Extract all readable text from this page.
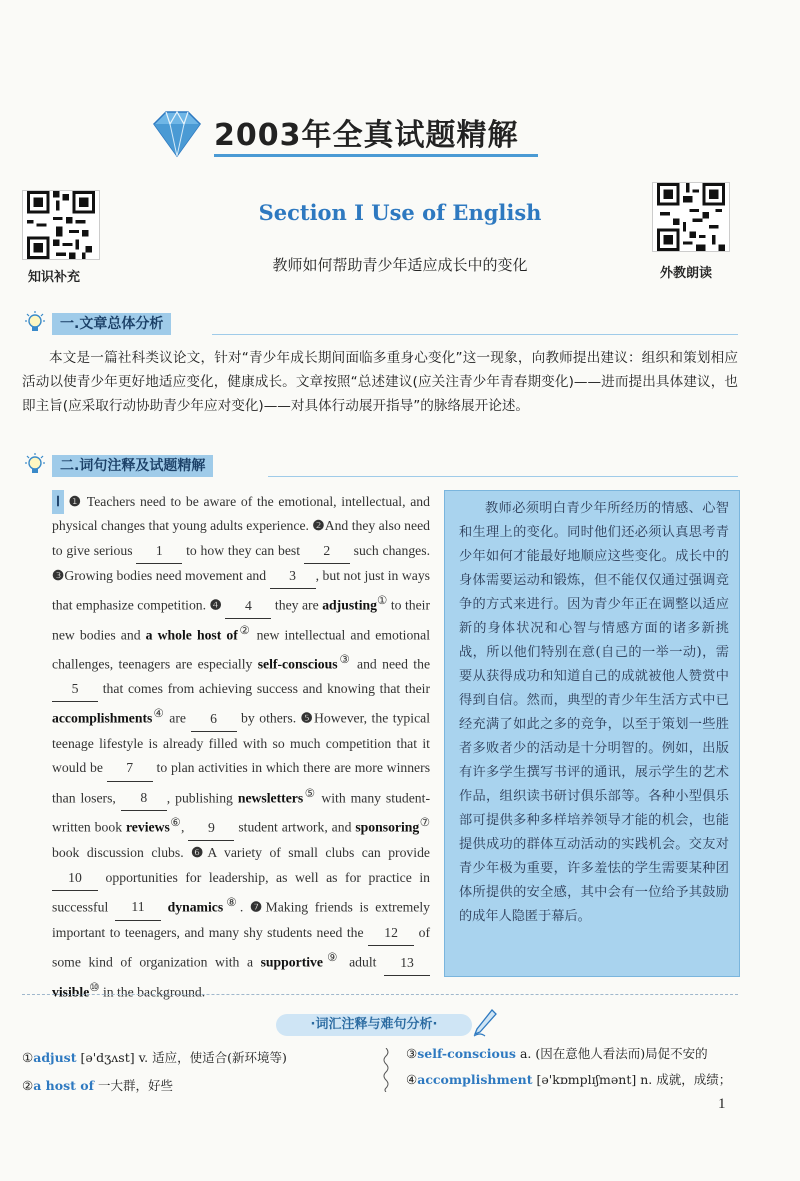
2003年全真试题精解
知识补充
Section Ⅰ Use of English
教师如何帮助青少年适应成长中的变化	外教朗读
一.文章总体分析
本文是一篇社科类议论文，针对“青少年成长期间面临多重身心变化”这一现象，向教师提出建议：组织和策划相应活动以使青少年更好地适应变化，健康成长。文章按照“总述建议(应关注青少年青春期变化)——进而提出具体建议，也即主旨(应采取行动协助青少年应对变化)——对具体行动展开指导”的脉络展开论述。
二.词句注释及试题精解
Ⅰ ❶ Teachers need to be aware of the emotional, intellectual, and physical changes that young adults experience. ❷And they also need to give serious 1 to how they can best 2 such changes. ❸Growing bodies need movement and 3 , but not just in ways that emphasize competition. ❹ 4 they are adjusting① to their new bodies and a whole host of② new intellectual and emotional challenges, teenagers are especially self-conscious③ and need the 5 that comes from achieving success and knowing that their accomplishments④ are 6 by others. ❺However, the typical teenage lifestyle is already filled with so much competition that it would be 7 to plan activities in which there are more winners than losers, 8 , publishing newsletters⑤ with many student-written book reviews⑥, 9 student artwork, and sponsoring⑦ book discussion clubs. ❻A variety of small clubs can provide 10 opportunities for leadership, as well as for practice in successful 11 dynamics⑧. ❼Making friends is extremely important to teenagers, and many shy students need the 12 of some kind of organization with a supportive⑨ adult 13 visible⑩ in the background.
教师必须明白青少年所经历的情感、心智和生理上的变化。同时他们还必须认真思考青少年如何才能最好地顺应这些变化。成长中的身体需要运动和锻炼，但不能仅仅通过强调竞争的方式来进行。因为青少年正在调整以适应新的身体状况和心智与情感方面的诸多新挑战，所以他们特别在意(自己的一举一动)，需要从获得成功和知道自己的成就被他人赞赏中得到自信。然而，典型的青少年生活方式中已经充满了如此之多的竞争，以至于策划一些胜者多败者少的活动是十分明智的。例如，出版有许多学生撰写书评的通讯，展示学生的艺术作品，组织读书研讨俱乐部等。各种小型俱乐部可提供多种多样培养领导才能的机会，也能提供成功的群体互动活动的实践机会。交友对青少年极为重要，许多羞怯的学生需要某种团体所提供的安全感，其中会有一位给予其鼓励的成年人隐匿于幕后。
·词汇注释与难句分析·
①adjust [ə'dʒʌst] v. 适应，使适合(新环境等)
②a host of 一大群，好些
③self-conscious a. (因在意他人看法而)局促不安的
④accomplishment [ə'kɒmplɪʃmənt] n. 成就，成绩；
1
